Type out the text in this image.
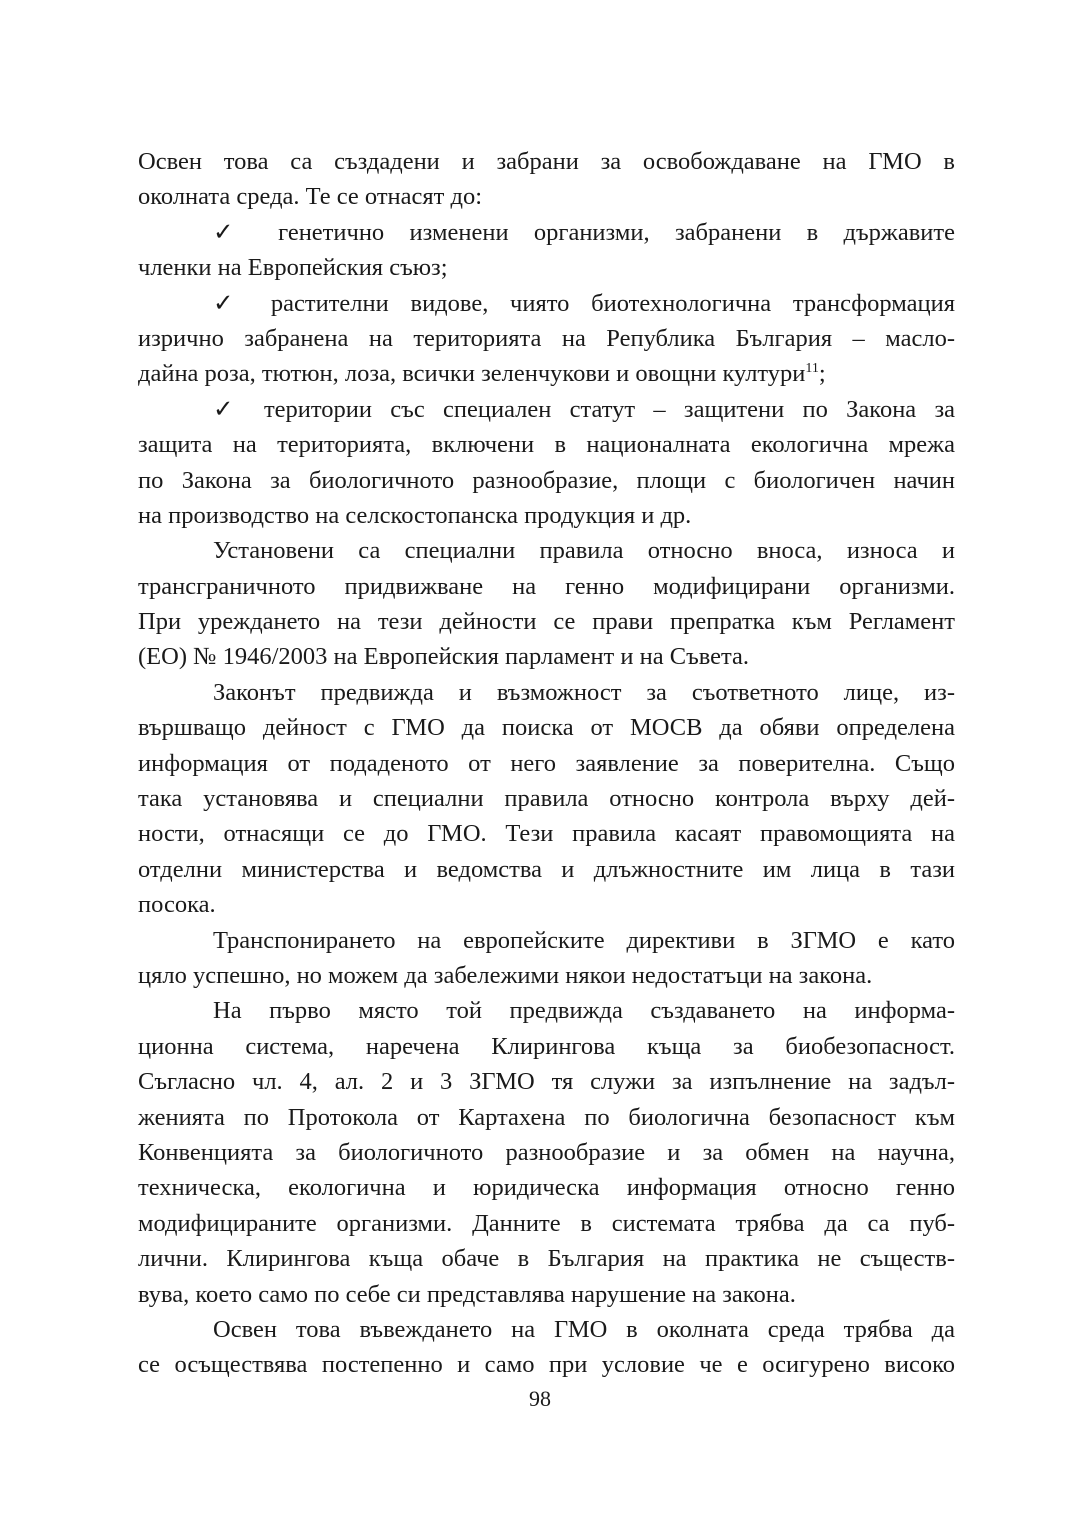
Освен това са създадени и забрани за освобождаване на ГМО в
околната среда. Те се отнасят до:
✓ генетично изменени организми, забранени в държавите
членки на Европейския съюз;
✓ растителни видове, чиято биотехнологична трансформация
изрично забранена на територията на Република България – масло-
дайна роза, тютюн, лоза, всички зеленчукови и овощни култури$^{11}$;
✓ територии със специален статут – защитени по Закона за
защита на територията, включени в националната екологична мрежа
по Закона за биологичното разнообразие, площи с биологичен начин
на производство на селскостопанска продукция и др.
Установени са специални правила относно вноса, износа и
трансграничното придвижване на генно модифицирани организми.
При уреждането на тези дейности се прави препратка към Регламент
(ЕО) № 1946/2003 на Европейския парламент и на Съвета.
Законът предвижда и възможност за съответното лице, из-
вършващо дейност с ГМО да поиска от МОСВ да обяви определена
информация от подаденото от него заявление за поверителна. Също
така установява и специални правила относно контрола върху дей-
ности, отнасящи се до ГМО. Тези правила касаят правомощията на
отделни министерства и ведомства и длъжностните им лица в тази
посока.
Транспонирането на европейските директиви в ЗГМО е като
цяло успешно, но можем да забележими някои недостатъци на закона.
На първо място той предвижда създаването на информа-
ционна система, наречена Клирингова къща за биобезопасност.
Съгласно чл. 4, ал. 2 и 3 ЗГМО тя служи за изпълнение на задъл-
женията по Протокола от Картахена по биологична безопасност към
Конвенцията за биологичното разнообразие и за обмен на научна,
техническа, екологична и юридическа информация относно генно
модифицираните организми. Данните в системата трябва да са пуб-
лични. Клирингова къща обаче в България на практика не съществ-
вува, което само по себе си представлява нарушение на закона.
Освен това въвеждането на ГМО в околната среда трябва да
се осъществява постепенно и само при условие че е осигурено високо
98
